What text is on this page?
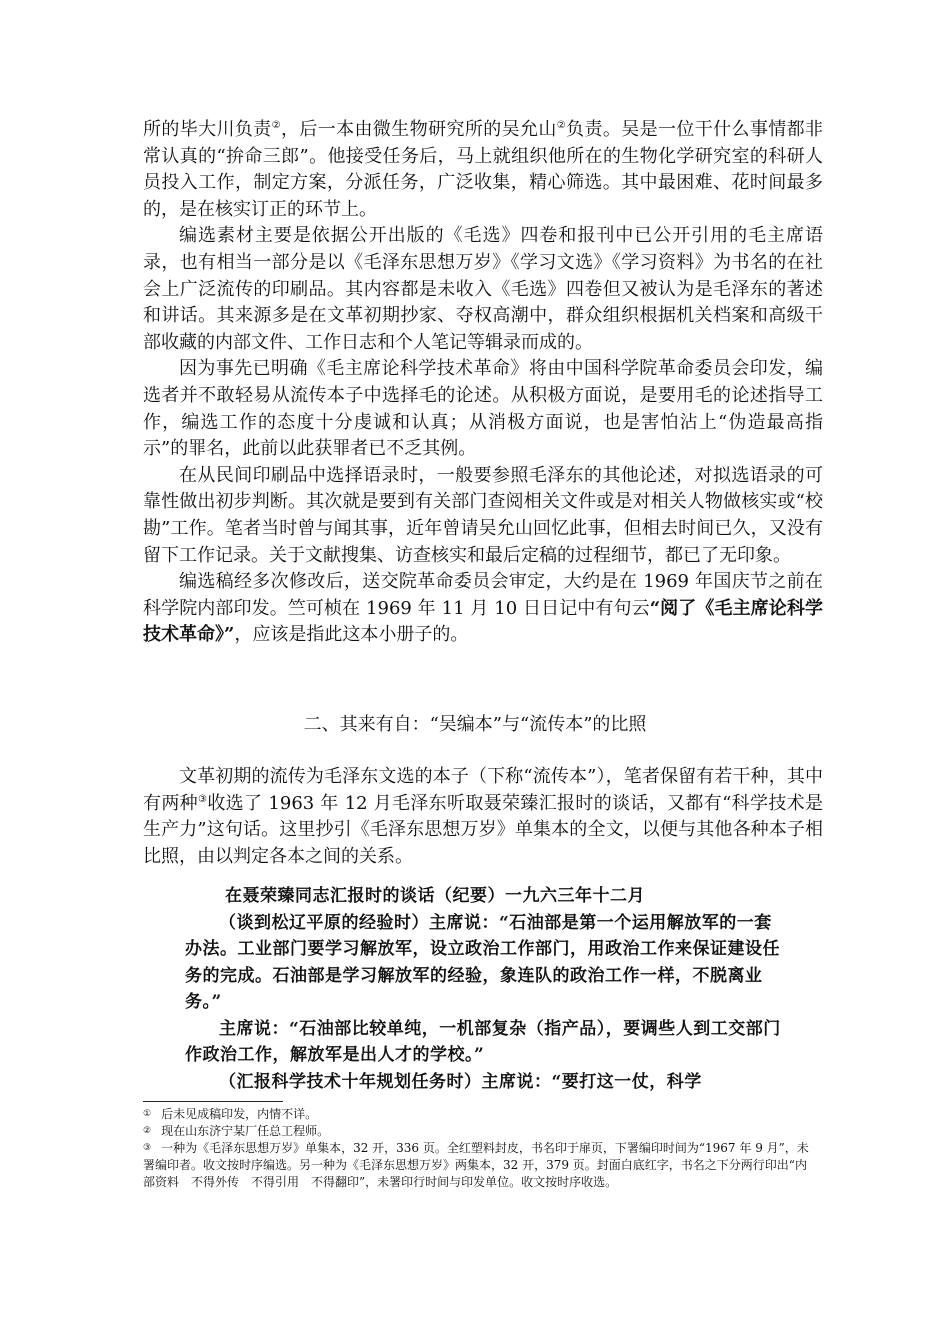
所的毕大川负责②，后一本由微生物研究所的吴允山②负责。吴是一位干什么事情都非常认真的“拚命三郎”。他接受任务后，马上就组织他所在的生物化学研究室的科研人员投入工作，制定方案，分派任务，广泛收集，精心筛选。其中最困难、花时间最多的，是在核实订正的环节上。

编选素材主要是依据公开出版的《毛选》四卷和报刊中已公开引用的毛主席语录，也有相当一部分是以《毛泽东思想万岁》《学习文选》《学习资料》为书名的在社会上广泛流传的印刷品。其内容都是未收入《毛选》四卷但又被认为是毛泽东的著述和讲话。其来源多是在文革初期抄家、夺权高潮中，群众组织根据机关档案和高级干部收藏的内部文件、工作日志和个人笔记等辑录而成的。

因为事先已明确《毛主席论科学技术革命》将由中国科学院革命委员会印发，编选者并不敢轻易从流传本子中选择毛的论述。从积极方面说，是要用毛的论述指导工作，编选工作的态度十分虔诚和认真；从消极方面说，也是害怕沾上“伪造最高指示”的罪名，此前以此获罪者已不乏其例。

在从民间印刷品中选择语录时，一般要参照毛泽东的其他论述，对拟选语录的可靠性做出初步判断。其次就是要到有关部门查阅相关文件或是对相关人物做核实或“校勘”工作。笔者当时曾与闻其事，近年曾请吴允山回忆此事，但相去时间已久，又没有留下工作记录。关于文献搜集、访查核实和最后定稿的过程细节，都已了无印象。

编选稿经多次修改后，送交院革命委员会审定，大约是在 1969 年国庆节之前在科学院内部印发。竺可桢在 1969 年 11 月 10 日日记中有句云“阅了《毛主席论科学技术革命》”，应该是指此这本小册子的。

二、其来有自：“吴编本”与“流传本”的比照

文革初期的流传为毛泽东文选的本子（下称“流传本”），笔者保留有若干种，其中有两种③收选了 1963 年 12 月毛泽东听取聂荣臻汇报时的谈话，又都有“科学技术是生产力”这句话。这里抄引《毛泽东思想万岁》单集本的全文，以便与其他各种本子相比照，由以判定各本之间的关系。

在聂荣臻同志汇报时的谈话（纪要）一九六三年十二月

（谈到松辽平原的经验时）主席说：“石油部是第一个运用解放军的一套办法。工业部门要学习解放军，设立政治工作部门，用政治工作来保证建设任务的完成。石油部是学习解放军的经验，象连队的政治工作一样，不脱离业务。”

主席说：“石油部比较单纯，一机部复杂（指产品），要调些人到工交部门作政治工作，解放军是出人才的学校。”

（汇报科学技术十年规划任务时）主席说：“要打这一仗，科学

① 后未见成稿印发，内情不详。

② 现在山东济宁某厂任总工程师。

③ 一种为《毛泽东思想万岁》单集本，32 开，336 页。全红塑料封皮，书名印于扉页，下署编印时间为“1967 年 9 月”，未署编印者。收文按时序编选。另一种为《毛泽东思想万岁》两集本，32 开，379 页。封面白底红字，书名之下分两行印出“内部资料　不得外传　不得引用　不得翻印”，未署印行时间与印发单位。收文按时序收选。
